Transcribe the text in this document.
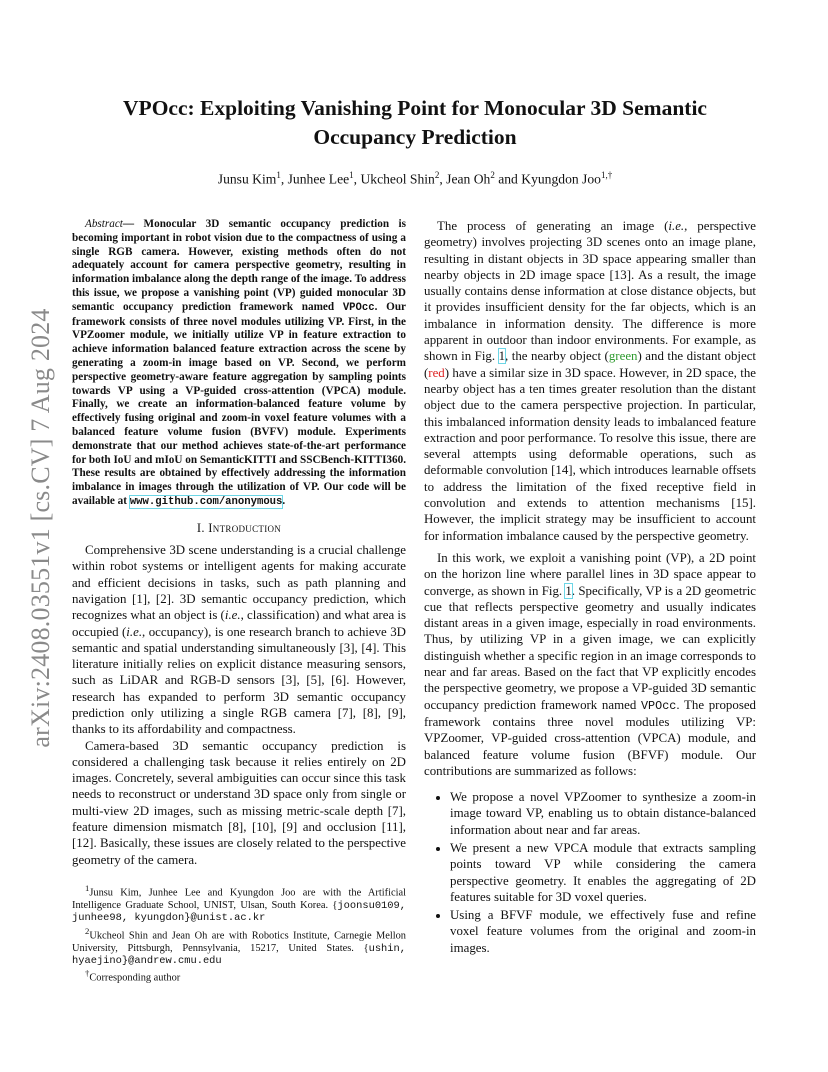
arXiv:2408.03551v1 [cs.CV] 7 Aug 2024
VPOcc: Exploiting Vanishing Point for Monocular 3D Semantic Occupancy Prediction
Junsu Kim$^1$, Junhee Lee$^1$, Ukcheol Shin$^2$, Jean Oh$^2$ and Kyungdon Joo$^{1,\dagger}$

Abstract— Monocular 3D semantic occupancy prediction is becoming important in robot vision due to the compactness of using a single RGB camera. However, existing methods often do not adequately account for camera perspective geometry, resulting in information imbalance along the depth range of the image. To address this issue, we propose a vanishing point (VP) guided monocular 3D semantic occupancy prediction framework named VPOcc. Our framework consists of three novel modules utilizing VP. First, in the VPZoomer module, we initially utilize VP in feature extraction to achieve information balanced feature extraction across the scene by generating a zoom-in image based on VP. Second, we perform perspective geometry-aware feature aggregation by sampling points towards VP using a VP-guided cross-attention (VPCA) module. Finally, we create an information-balanced feature volume by effectively fusing original and zoom-in voxel feature volumes with a balanced feature volume fusion (BVFV) module. Experiments demonstrate that our method achieves state-of-the-art performance for both IoU and mIoU on SemanticKITTI and SSCBench-KITTI360. These results are obtained by effectively addressing the information imbalance in images through the utilization of VP. Our code will be available at www.github.com/anonymous.

I. Introduction

Comprehensive 3D scene understanding is a crucial challenge within robot systems or intelligent agents for making accurate and efficient decisions in tasks, such as path planning and navigation [1], [2]. 3D semantic occupancy prediction, which recognizes what an object is (i.e., classification) and what area is occupied (i.e., occupancy), is one research branch to achieve 3D semantic and spatial understanding simultaneously [3], [4]. This literature initially relies on explicit distance measuring sensors, such as LiDAR and RGB-D sensors [3], [5], [6]. However, research has expanded to perform 3D semantic occupancy prediction only utilizing a single RGB camera [7], [8], [9], thanks to its affordability and compactness.

Camera-based 3D semantic occupancy prediction is considered a challenging task because it relies entirely on 2D images. Concretely, several ambiguities can occur since this task needs to reconstruct or understand 3D space only from single or multi-view 2D images, such as missing metric-scale depth [7], feature dimension mismatch [8], [10], [9] and occlusion [11], [12]. Basically, these issues are closely related to the perspective geometry of the camera.

$^1$Junsu Kim, Junhee Lee and Kyungdon Joo are with the Artificial Intelligence Graduate School, UNIST, Ulsan, South Korea. {joonsu0109, junhee98, kyungdon}@unist.ac.kr

$^2$Ukcheol Shin and Jean Oh are with Robotics Institute, Carnegie Mellon University, Pittsburgh, Pennsylvania, 15217, United States. {ushin, hyaejino}@andrew.cmu.edu

†Corresponding author

The process of generating an image (i.e., perspective geometry) involves projecting 3D scenes onto an image plane, resulting in distant objects in 3D space appearing smaller than nearby objects in 2D image space [13]. As a result, the image usually contains dense information at close distance objects, but it provides insufficient density for the far objects, which is an imbalance in information density. The difference is more apparent in outdoor than indoor environments. For example, as shown in Fig. 1, the nearby object (green) and the distant object (red) have a similar size in 3D space. However, in 2D space, the nearby object has a ten times greater resolution than the distant object due to the camera perspective projection. In particular, this imbalanced information density leads to imbalanced feature extraction and poor performance. To resolve this issue, there are several attempts using deformable operations, such as deformable convolution [14], which introduces learnable offsets to address the limitation of the fixed receptive field in convolution and extends to attention mechanisms [15]. However, the implicit strategy may be insufficient to account for information imbalance caused by the perspective geometry.

In this work, we exploit a vanishing point (VP), a 2D point on the horizon line where parallel lines in 3D space appear to converge, as shown in Fig. 1. Specifically, VP is a 2D geometric cue that reflects perspective geometry and usually indicates distant areas in a given image, especially in road environments. Thus, by utilizing VP in a given image, we can explicitly distinguish whether a specific region in an image corresponds to near and far areas. Based on the fact that VP explicitly encodes the perspective geometry, we propose a VP-guided 3D semantic occupancy prediction framework named VPOcc. The proposed framework contains three novel modules utilizing VP: VPZoomer, VP-guided cross-attention (VPCA) module, and balanced feature volume fusion (BFVF) module. Our contributions are summarized as follows:

• We propose a novel VPZoomer to synthesize a zoom-in image toward VP, enabling us to obtain distance-balanced information about near and far areas.
• We present a new VPCA module that extracts sampling points toward VP while considering the camera perspective geometry. It enables the aggregating of 2D features suitable for 3D voxel queries.
• Using a BFVF module, we effectively fuse and refine voxel feature volumes from the original and zoom-in images.
